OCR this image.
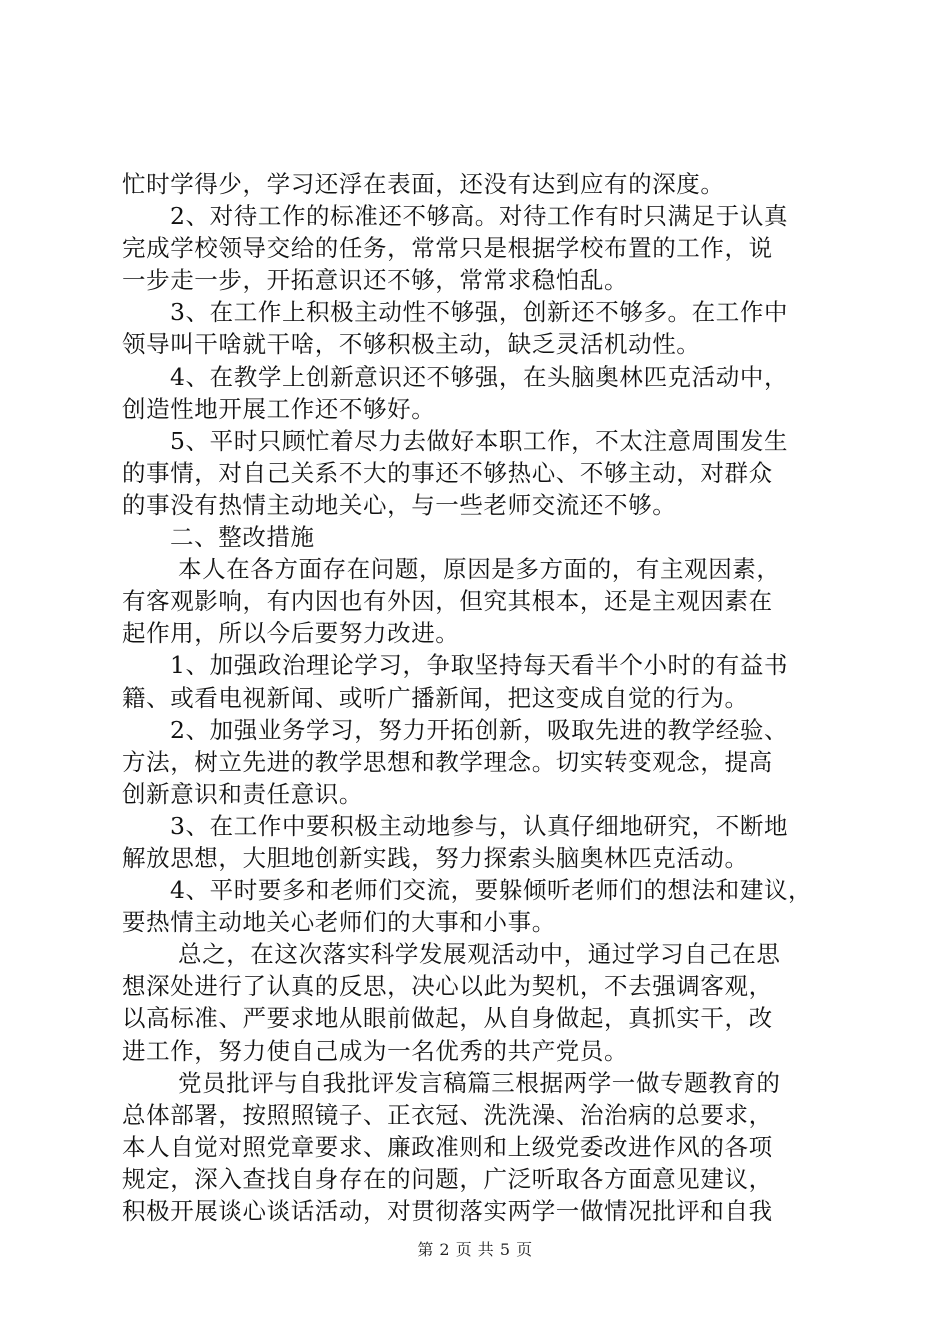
忙时学得少，学习还浮在表面，还没有达到应有的深度。
2、对待工作的标准还不够高。对待工作有时只满足于认真
完成学校领导交给的任务，常常只是根据学校布置的工作，说
一步走一步，开拓意识还不够，常常求稳怕乱。
3、在工作上积极主动性不够强，创新还不够多。在工作中
领导叫干啥就干啥，不够积极主动，缺乏灵活机动性。
4、在教学上创新意识还不够强，在头脑奥林匹克活动中，
创造性地开展工作还不够好。
5、平时只顾忙着尽力去做好本职工作，不太注意周围发生
的事情，对自己关系不大的事还不够热心、不够主动，对群众
的事没有热情主动地关心，与一些老师交流还不够。
二、整改措施
本人在各方面存在问题，原因是多方面的，有主观因素，
有客观影响，有内因也有外因，但究其根本，还是主观因素在
起作用，所以今后要努力改进。
1、加强政治理论学习，争取坚持每天看半个小时的有益书
籍、或看电视新闻、或听广播新闻，把这变成自觉的行为。
2、加强业务学习，努力开拓创新，吸取先进的教学经验、
方法，树立先进的教学思想和教学理念。切实转变观念，提高
创新意识和责任意识。
3、在工作中要积极主动地参与，认真仔细地研究，不断地
解放思想，大胆地创新实践，努力探索头脑奥林匹克活动。
4、平时要多和老师们交流，要躲倾听老师们的想法和建议，
要热情主动地关心老师们的大事和小事。
总之，在这次落实科学发展观活动中，通过学习自己在思
想深处进行了认真的反思，决心以此为契机，不去强调客观，
以高标准、严要求地从眼前做起，从自身做起，真抓实干，改
进工作，努力使自己成为一名优秀的共产党员。
党员批评与自我批评发言稿篇三根据两学一做专题教育的
总体部署，按照照镜子、正衣冠、洗洗澡、治治病的总要求，
本人自觉对照党章要求、廉政准则和上级党委改进作风的各项
规定，深入查找自身存在的问题，广泛听取各方面意见建议，
积极开展谈心谈话活动，对贯彻落实两学一做情况批评和自我
第 2 页 共 5 页
